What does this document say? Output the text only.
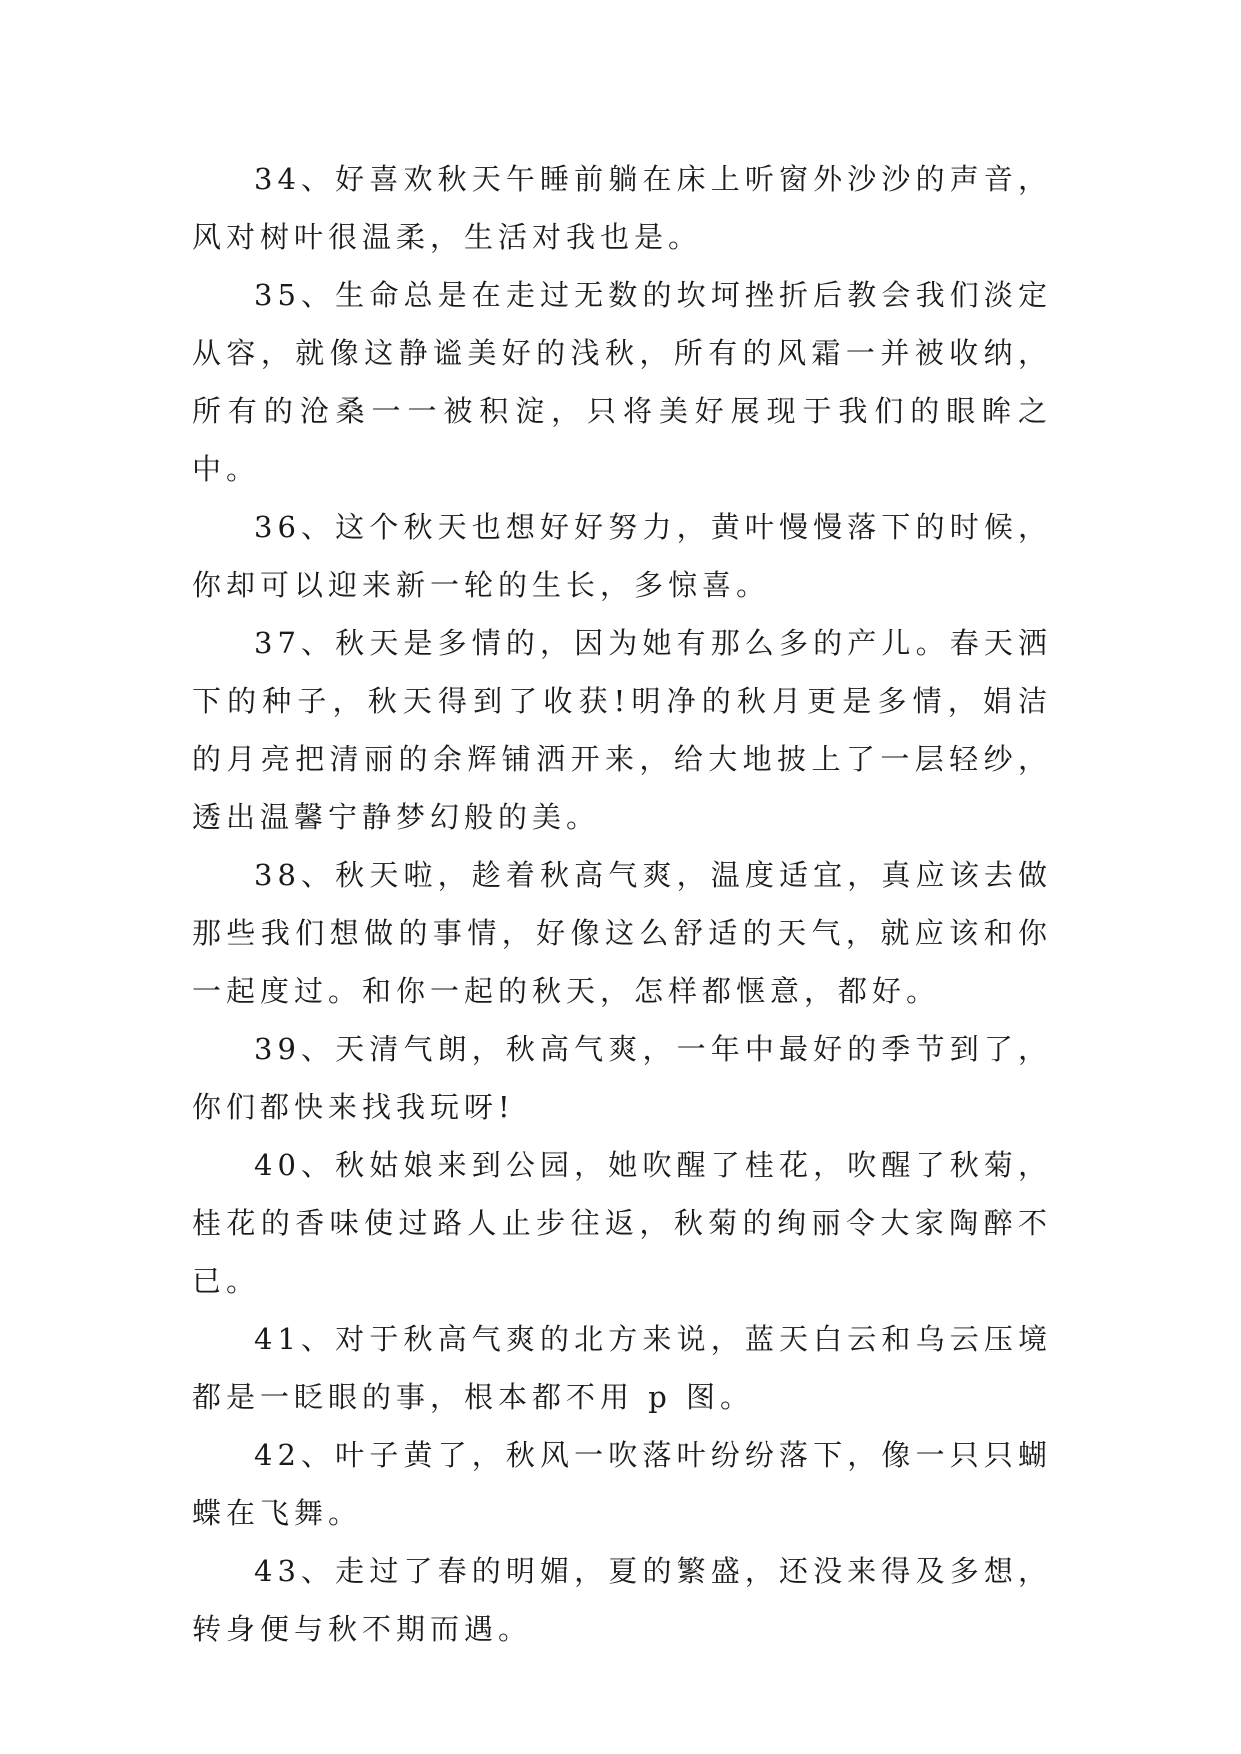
34、好喜欢秋天午睡前躺在床上听窗外沙沙的声音，风对树叶很温柔，生活对我也是。

35、生命总是在走过无数的坎坷挫折后教会我们淡定从容，就像这静谧美好的浅秋，所有的风霜一并被收纳，所有的沧桑一一被积淀，只将美好展现于我们的眼眸之中。

36、这个秋天也想好好努力，黄叶慢慢落下的时候，你却可以迎来新一轮的生长，多惊喜。

37、秋天是多情的，因为她有那么多的产儿。春天洒下的种子，秋天得到了收获!明净的秋月更是多情，娟洁的月亮把清丽的余辉铺洒开来，给大地披上了一层轻纱，透出温馨宁静梦幻般的美。

38、秋天啦，趁着秋高气爽，温度适宜，真应该去做那些我们想做的事情，好像这么舒适的天气，就应该和你一起度过。和你一起的秋天，怎样都惬意，都好。

39、天清气朗，秋高气爽，一年中最好的季节到了，你们都快来找我玩呀!

40、秋姑娘来到公园，她吹醒了桂花，吹醒了秋菊，桂花的香味使过路人止步往返，秋菊的绚丽令大家陶醉不已。

41、对于秋高气爽的北方来说，蓝天白云和乌云压境都是一眨眼的事，根本都不用 p 图。

42、叶子黄了，秋风一吹落叶纷纷落下，像一只只蝴蝶在飞舞。

43、走过了春的明媚，夏的繁盛，还没来得及多想，转身便与秋不期而遇。
